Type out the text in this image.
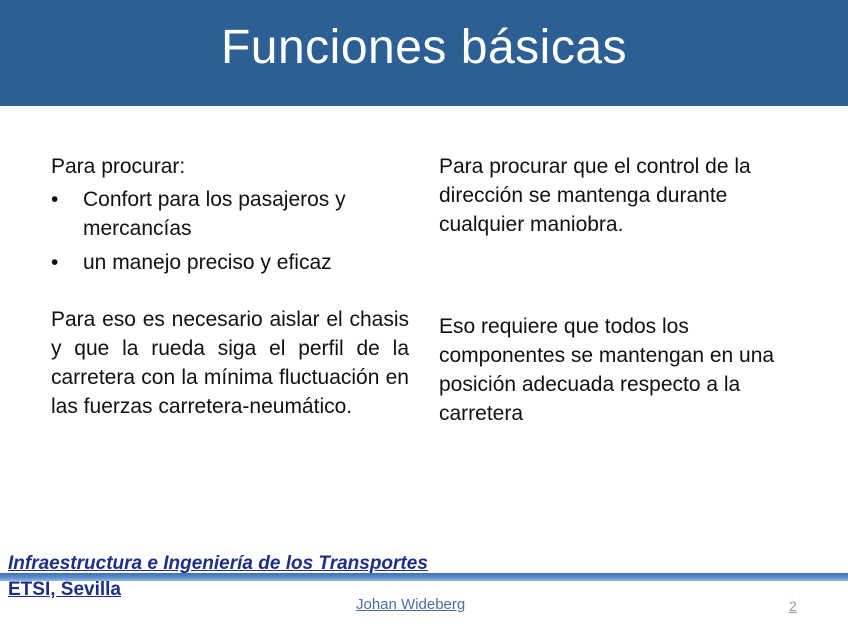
Funciones básicas

Para procurar:

• Confort para los pasajeros y mercancías
• un manejo preciso y eficaz

Para eso es necesario aislar el chasis y que la rueda siga el perfil de la carretera con la mínima fluctuación en las fuerzas carretera-neumático.

Para procurar que el control de la dirección se mantenga durante cualquier maniobra.

Eso requiere que todos los componentes se mantengan en una posición adecuada respecto a la carretera

Infraestructura e Ingeniería de los Transportes

ETSI, Sevilla

Johan Wideberg	2
